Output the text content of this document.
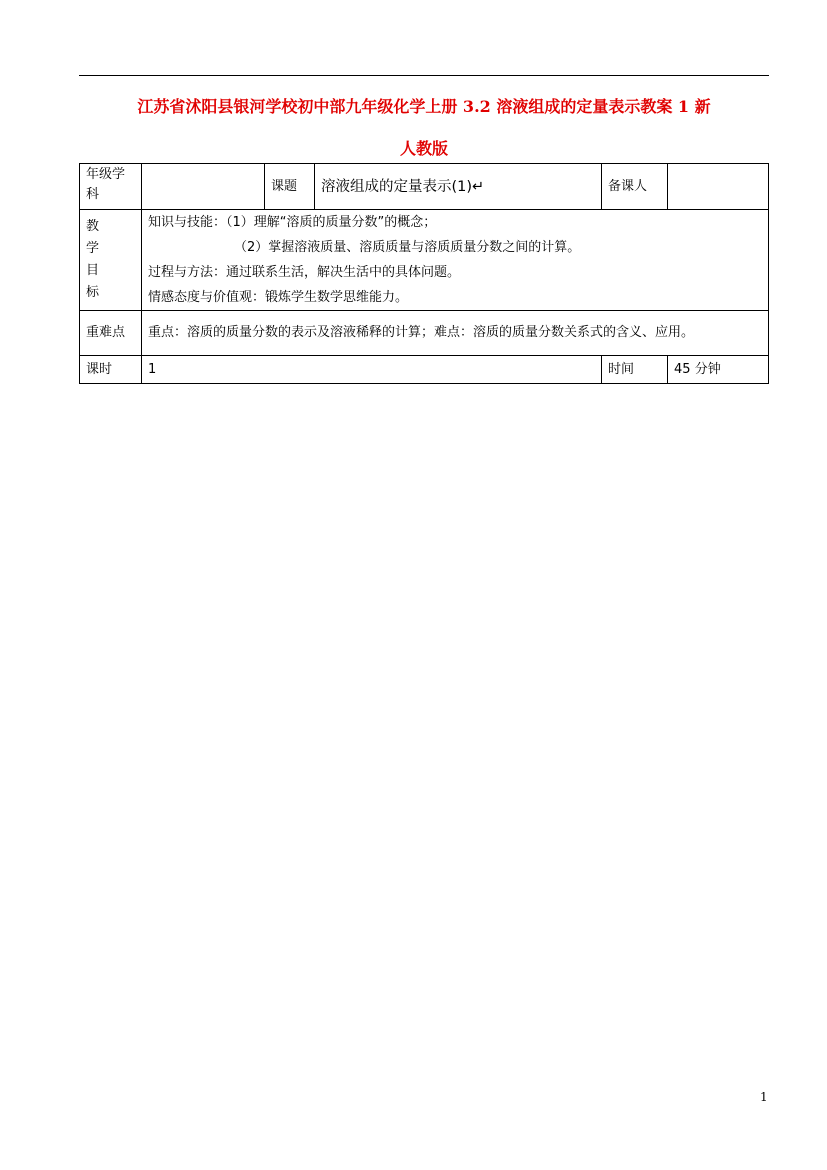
江苏省沭阳县银河学校初中部九年级化学上册 3.2 溶液组成的定量表示教案 1 新
人教版
年级学科		课题	溶液组成的定量表示(1)↵	备课人	

教
学
目
标	知识与技能：（1）理解“溶质的质量分数”的概念；
（2）掌握溶液质量、溶质质量与溶质质量分数之间的计算。
过程与方法：通过联系生活，解决生活中的具体问题。
情感态度与价值观：锻炼学生数学思维能力。				

重难点	重点：溶质的质量分数的表示及溶液稀释的计算；难点：溶质的质量分数关系式的含义、应用。				
课时	1			时间	45 分钟
1
